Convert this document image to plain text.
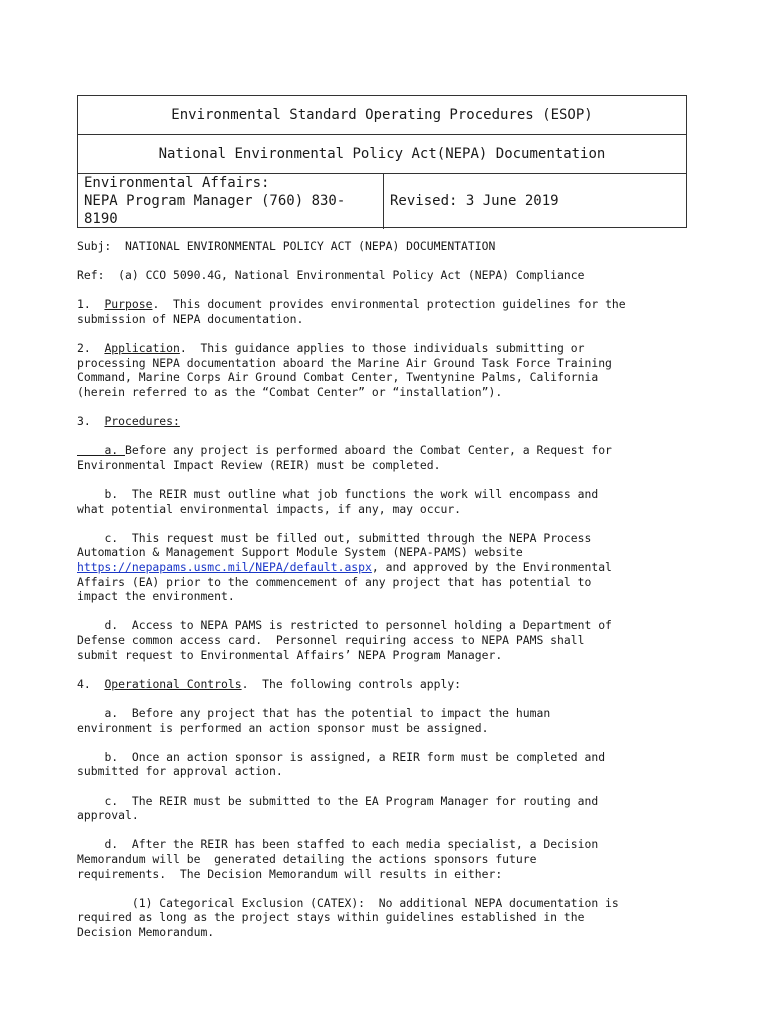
Environmental Standard Operating Procedures (ESOP)
National Environmental Policy Act(NEPA) Documentation
Environmental Affairs:
NEPA Program Manager (760) 830-
8190
Revised: 3 June 2019

Subj:  NATIONAL ENVIRONMENTAL POLICY ACT (NEPA) DOCUMENTATION

Ref:  (a) CCO 5090.4G, National Environmental Policy Act (NEPA) Compliance

1.  Purpose.  This document provides environmental protection guidelines for the
submission of NEPA documentation.

2.  Application.  This guidance applies to those individuals submitting or
processing NEPA documentation aboard the Marine Air Ground Task Force Training
Command, Marine Corps Air Ground Combat Center, Twentynine Palms, California
(herein referred to as the “Combat Center” or “installation”).

3.  Procedures:

a. Before any project is performed aboard the Combat Center, a Request for
Environmental Impact Review (REIR) must be completed.

b.  The REIR must outline what job functions the work will encompass and
what potential environmental impacts, if any, may occur.

c.  This request must be filled out, submitted through the NEPA Process
Automation & Management Support Module System (NEPA-PAMS) website
https://nepapams.usmc.mil/NEPA/default.aspx, and approved by the Environmental
Affairs (EA) prior to the commencement of any project that has potential to
impact the environment.

d.  Access to NEPA PAMS is restricted to personnel holding a Department of
Defense common access card.  Personnel requiring access to NEPA PAMS shall
submit request to Environmental Affairs’ NEPA Program Manager.

4.  Operational Controls.  The following controls apply:

a.  Before any project that has the potential to impact the human
environment is performed an action sponsor must be assigned.

b.  Once an action sponsor is assigned, a REIR form must be completed and
submitted for approval action.

c.  The REIR must be submitted to the EA Program Manager for routing and
approval.

d.  After the REIR has been staffed to each media specialist, a Decision
Memorandum will be  generated detailing the actions sponsors future
requirements.  The Decision Memorandum will results in either:

(1) Categorical Exclusion (CATEX):  No additional NEPA documentation is
required as long as the project stays within guidelines established in the
Decision Memorandum.
